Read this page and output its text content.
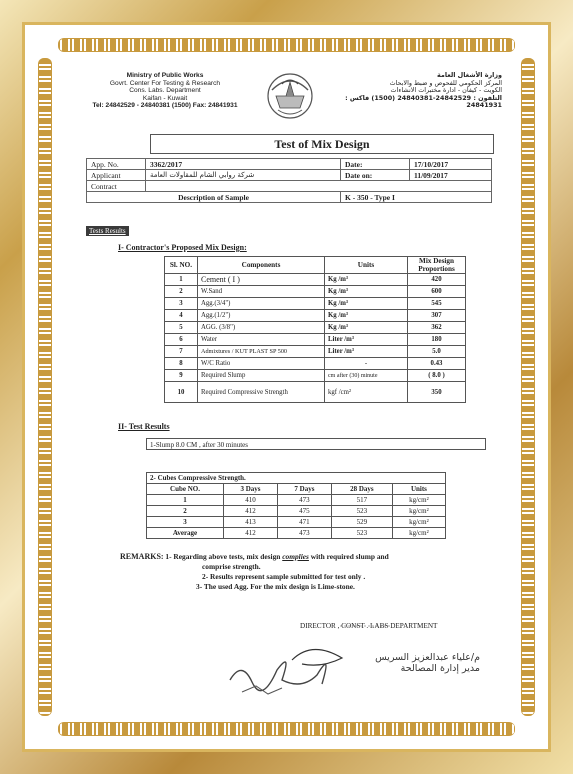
Ministry of Public Works
Govrt. Center For Testing & Research
Cons. Labs. Department
Kaifan - Kuwait
Tel: 24842529 - 24840381 (1500) Fax: 24841931
وزارة الأشغال العامة
المركز الحكومي للفحوص و ضبط والابحاث
الكويت - كيفان - ادارة مختبرات الانشاءات
التلفون : 24842529-24840381 (1500) فاكس : 24841931
Test of Mix Design
App. No.	3362/2017	Date:	17/10/2017
Applicant	شركة روابي الشام للمقاولات العامة	Date on:	11/09/2017
Contract			
Description of Sample		K - 350 - Type I	
Tests Results
I- Contractor's Proposed Mix Design:
Sl. NO.	Components	Units	Mix Design Proportions
1	Cement ( I )	Kg /m³	420
2	W.Sand	Kg /m³	600
3	Agg.(3/4")	Kg /m³	545
4	Agg.(1/2")	Kg /m³	307
5	AGG. (3/8")	Kg /m³	362
6	Water	Liter /m³	180
7	Admixtures / KUT PLAST SP 500	Liter /m³	5.0
8	W/C Ratio	-	0.43
9	Required Slump	cm after (30) minute	( 8.0 )
10	Required Compressive Strength	kgf /cm²	350
II- Test Results
1-Slump 8.0 CM , after 30 minutes
2- Cubes Compressive Strength.				
Cube NO.	3 Days	7 Days	28 Days	Units
1	410	473	517	kg/cm²
2	412	475	523	kg/cm²
3	413	471	529	kg/cm²
Average	412	473	523	kg/cm²
REMARKS: 1- Regarding above tests, mix design complies with required slump and
comprise strength.
2- Results represent sample submitted for test only .
3- The used Agg. For the mix design is Lime-stone.
DIRECTOR , CONST . LABS DEPARTMENT
م/علياء عبدالعزيز السريس
مدير إدارة المصالحة
